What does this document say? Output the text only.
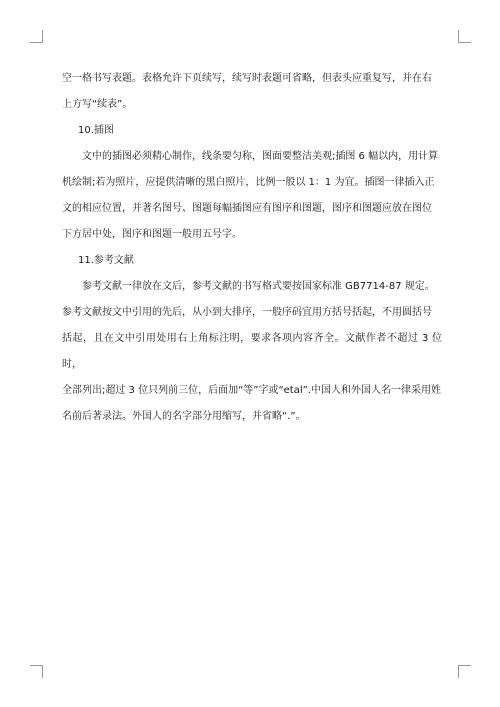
空一格书写表题。表格允许下页续写，续写时表题可省略，但表头应重复写，并在右
上方写“续表”。

10.插图

文中的插图必须精心制作，线条要匀称，图面要整洁美观;插图 6 幅以内，用计算
机绘制;若为照片，应提供清晰的黑白照片，比例一般以 1：1 为宜。插图一律插入正
文的相应位置，并著名图号、图题每幅插图应有图序和图题，图序和图题应放在图位
下方居中处，图序和图题一般用五号字。

11.参考文献

参考文献一律放在文后，参考文献的书写格式要按国家标准 GB7714-87 规定。
参考文献按文中引用的先后，从小到大排序，一般序码宜用方括号括起，不用圆括号
括起，且在文中引用处用右上角标注明，要求各项内容齐全。文献作者不超过 3 位时，
全部列出;超过 3 位只列前三位，后面加“等”字或“etal”.中国人和外国人名一律采用姓
名前后著录法。外国人的名字部分用缩写，并省略“.”。
